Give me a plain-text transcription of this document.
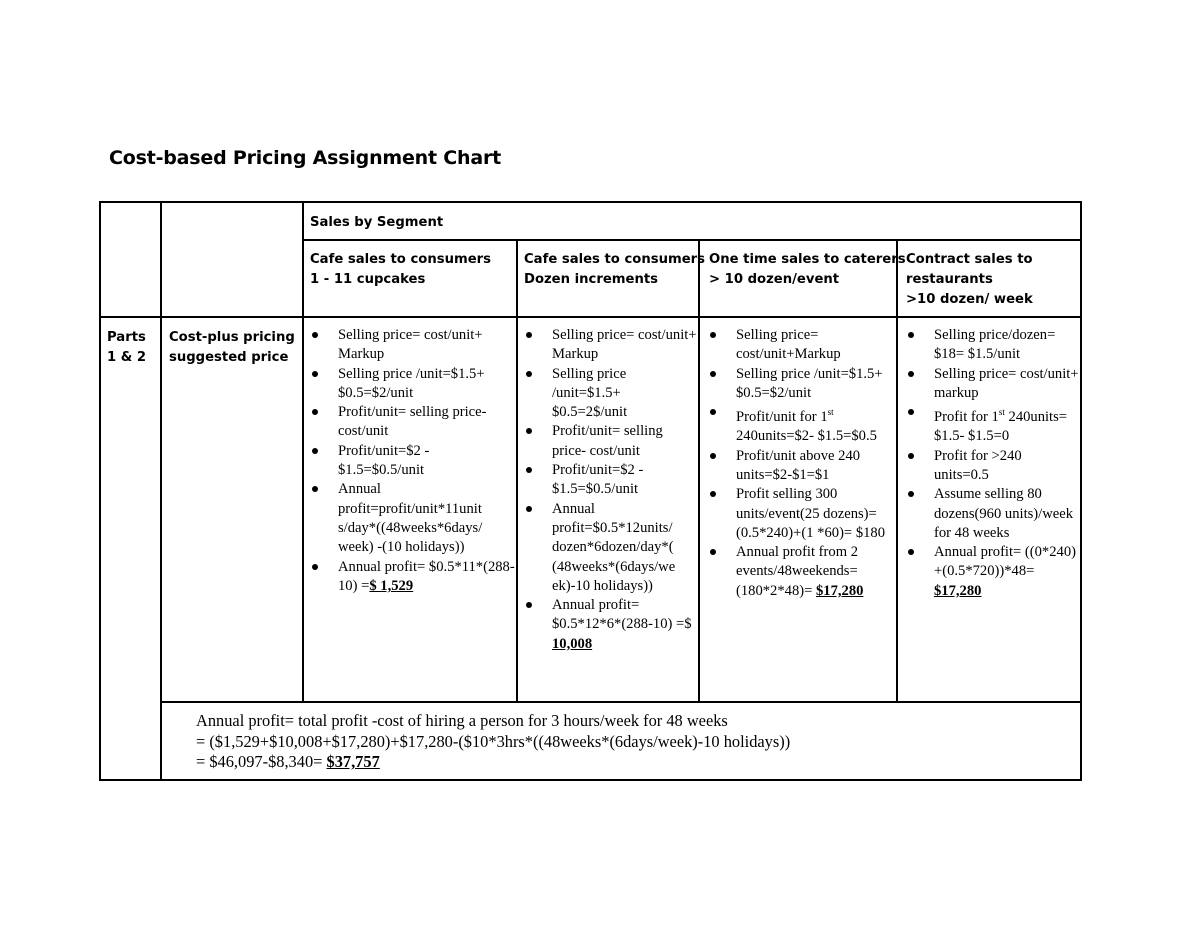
Cost-based Pricing Assignment Chart
Sales by Segment
Cafe sales to consumers
1 - 11 cupcakes
Cafe sales to consumers
Dozen increments
One time sales to caterers
> 10 dozen/event
Contract sales to
restaurants
>10 dozen/ week
Parts
1 & 2
Cost-plus pricing
suggested price
Selling price= cost/unit+ Markup
Selling price /unit=$1.5+ $0.5=$2/unit
Profit/unit= selling price- cost/unit
Profit/unit=$2 - $1.5=$0.5/unit
Annual profit=profit/unit*11unit s/day*((48weeks*6days/ week) -(10 holidays))
Annual profit= $0.5*11*(288-10) =$ 1,529
Selling price= cost/unit+ Markup
Selling price /unit=$1.5+ $0.5=2$/unit
Profit/unit= selling price- cost/unit
Profit/unit=$2 - $1.5=$0.5/unit
Annual profit=$0.5*12units/ dozen*6dozen/day*( (48weeks*(6days/we ek)-10 holidays))
Annual profit= $0.5*12*6*(288-10) =$ 10,008
Selling price= cost/unit+Markup
Selling price /unit=$1.5+ $0.5=$2/unit
Profit/unit for 1st 240units=$2- $1.5=$0.5
Profit/unit above 240 units=$2-$1=$1
Profit selling 300 units/event(25 dozens)=(0.5*240)+(1 *60)= $180
Annual profit from 2 events/48weekends= (180*2*48)= $17,280
Selling price/dozen= $18= $1.5/unit
Selling price= cost/unit+ markup
Profit for 1st 240units= $1.5- $1.5=0
Profit for >240 units=0.5
Assume selling 80 dozens(960 units)/week for 48 weeks
Annual profit= ((0*240) +(0.5*720))*48= $17,280
Annual profit= total profit -cost of hiring a person for 3 hours/week for 48 weeks
= ($1,529+$10,008+$17,280)+$17,280-($10*3hrs*((48weeks*(6days/week)-10 holidays))
= $46,097-$8,340= $37,757
